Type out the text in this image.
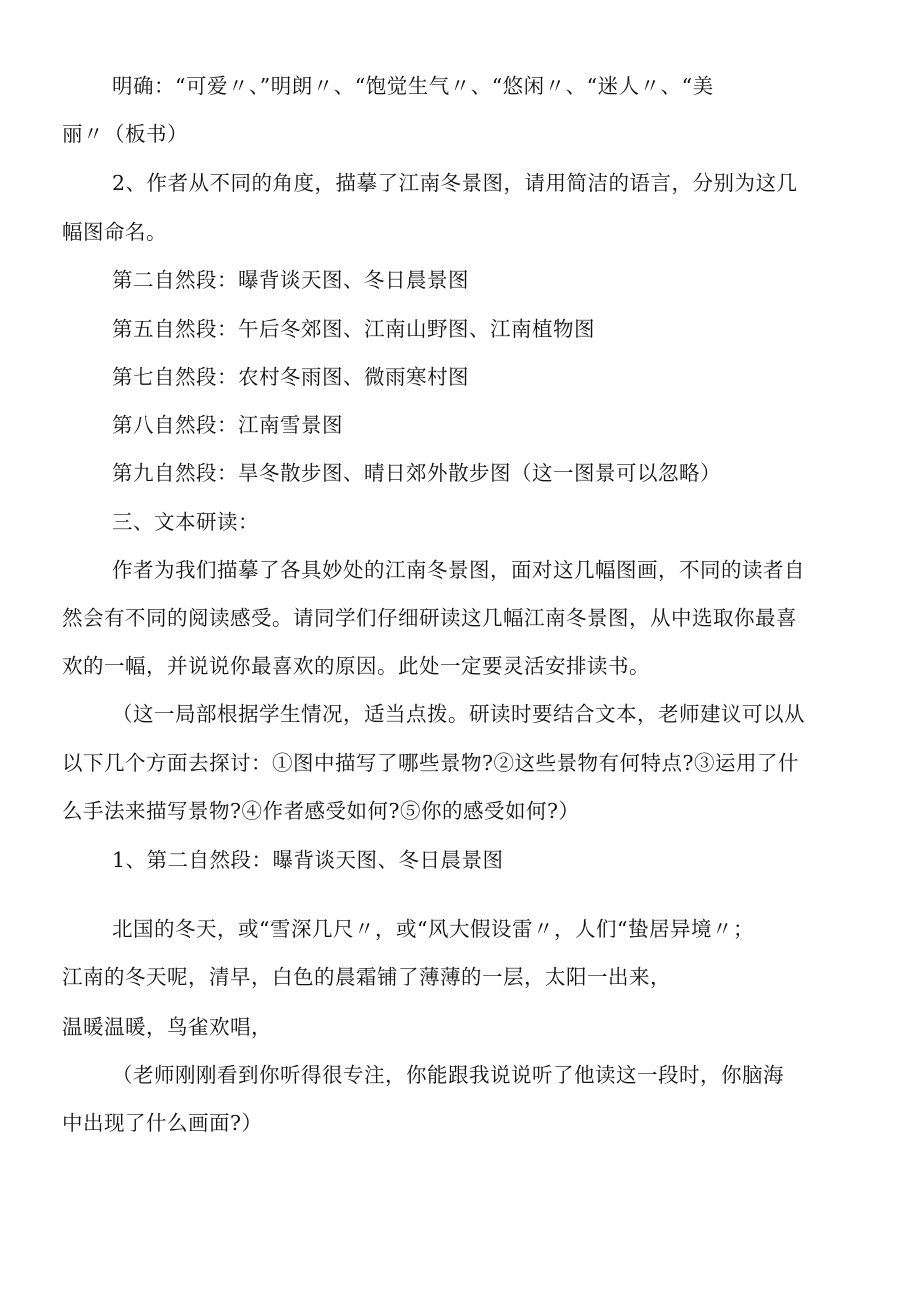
明确：“可爱〃、”明朗〃、“饱觉生气〃、“悠闲〃、“迷人〃、“美
丽〃（板书）
2、作者从不同的角度，描摹了江南冬景图，请用简洁的语言，分别为这几
幅图命名。
第二自然段：曝背谈天图、冬日晨景图
第五自然段：午后冬郊图、江南山野图、江南植物图
第七自然段：农村冬雨图、微雨寒村图
第八自然段：江南雪景图
第九自然段：旱冬散步图、晴日郊外散步图（这一图景可以忽略）
三、文本研读：
作者为我们描摹了各具妙处的江南冬景图，面对这几幅图画，不同的读者自
然会有不同的阅读感受。请同学们仔细研读这几幅江南冬景图，从中选取你最喜
欢的一幅，并说说你最喜欢的原因。此处一定要灵活安排读书。
（这一局部根据学生情况，适当点拨。研读时要结合文本，老师建议可以从
以下几个方面去探讨：①图中描写了哪些景物?②这些景物有何特点?③运用了什
么手法来描写景物?④作者感受如何?⑤你的感受如何?）
1、第二自然段：曝背谈天图、冬日晨景图
北国的冬天，或“雪深几尺〃，或“风大假设雷〃，人们“蛰居异境〃；
江南的冬天呢，清早，白色的晨霜铺了薄薄的一层，太阳一出来，
温暖温暖，鸟雀欢唱，
（老师刚刚看到你听得很专注，你能跟我说说听了他读这一段时，你脑海
中出现了什么画面?）
